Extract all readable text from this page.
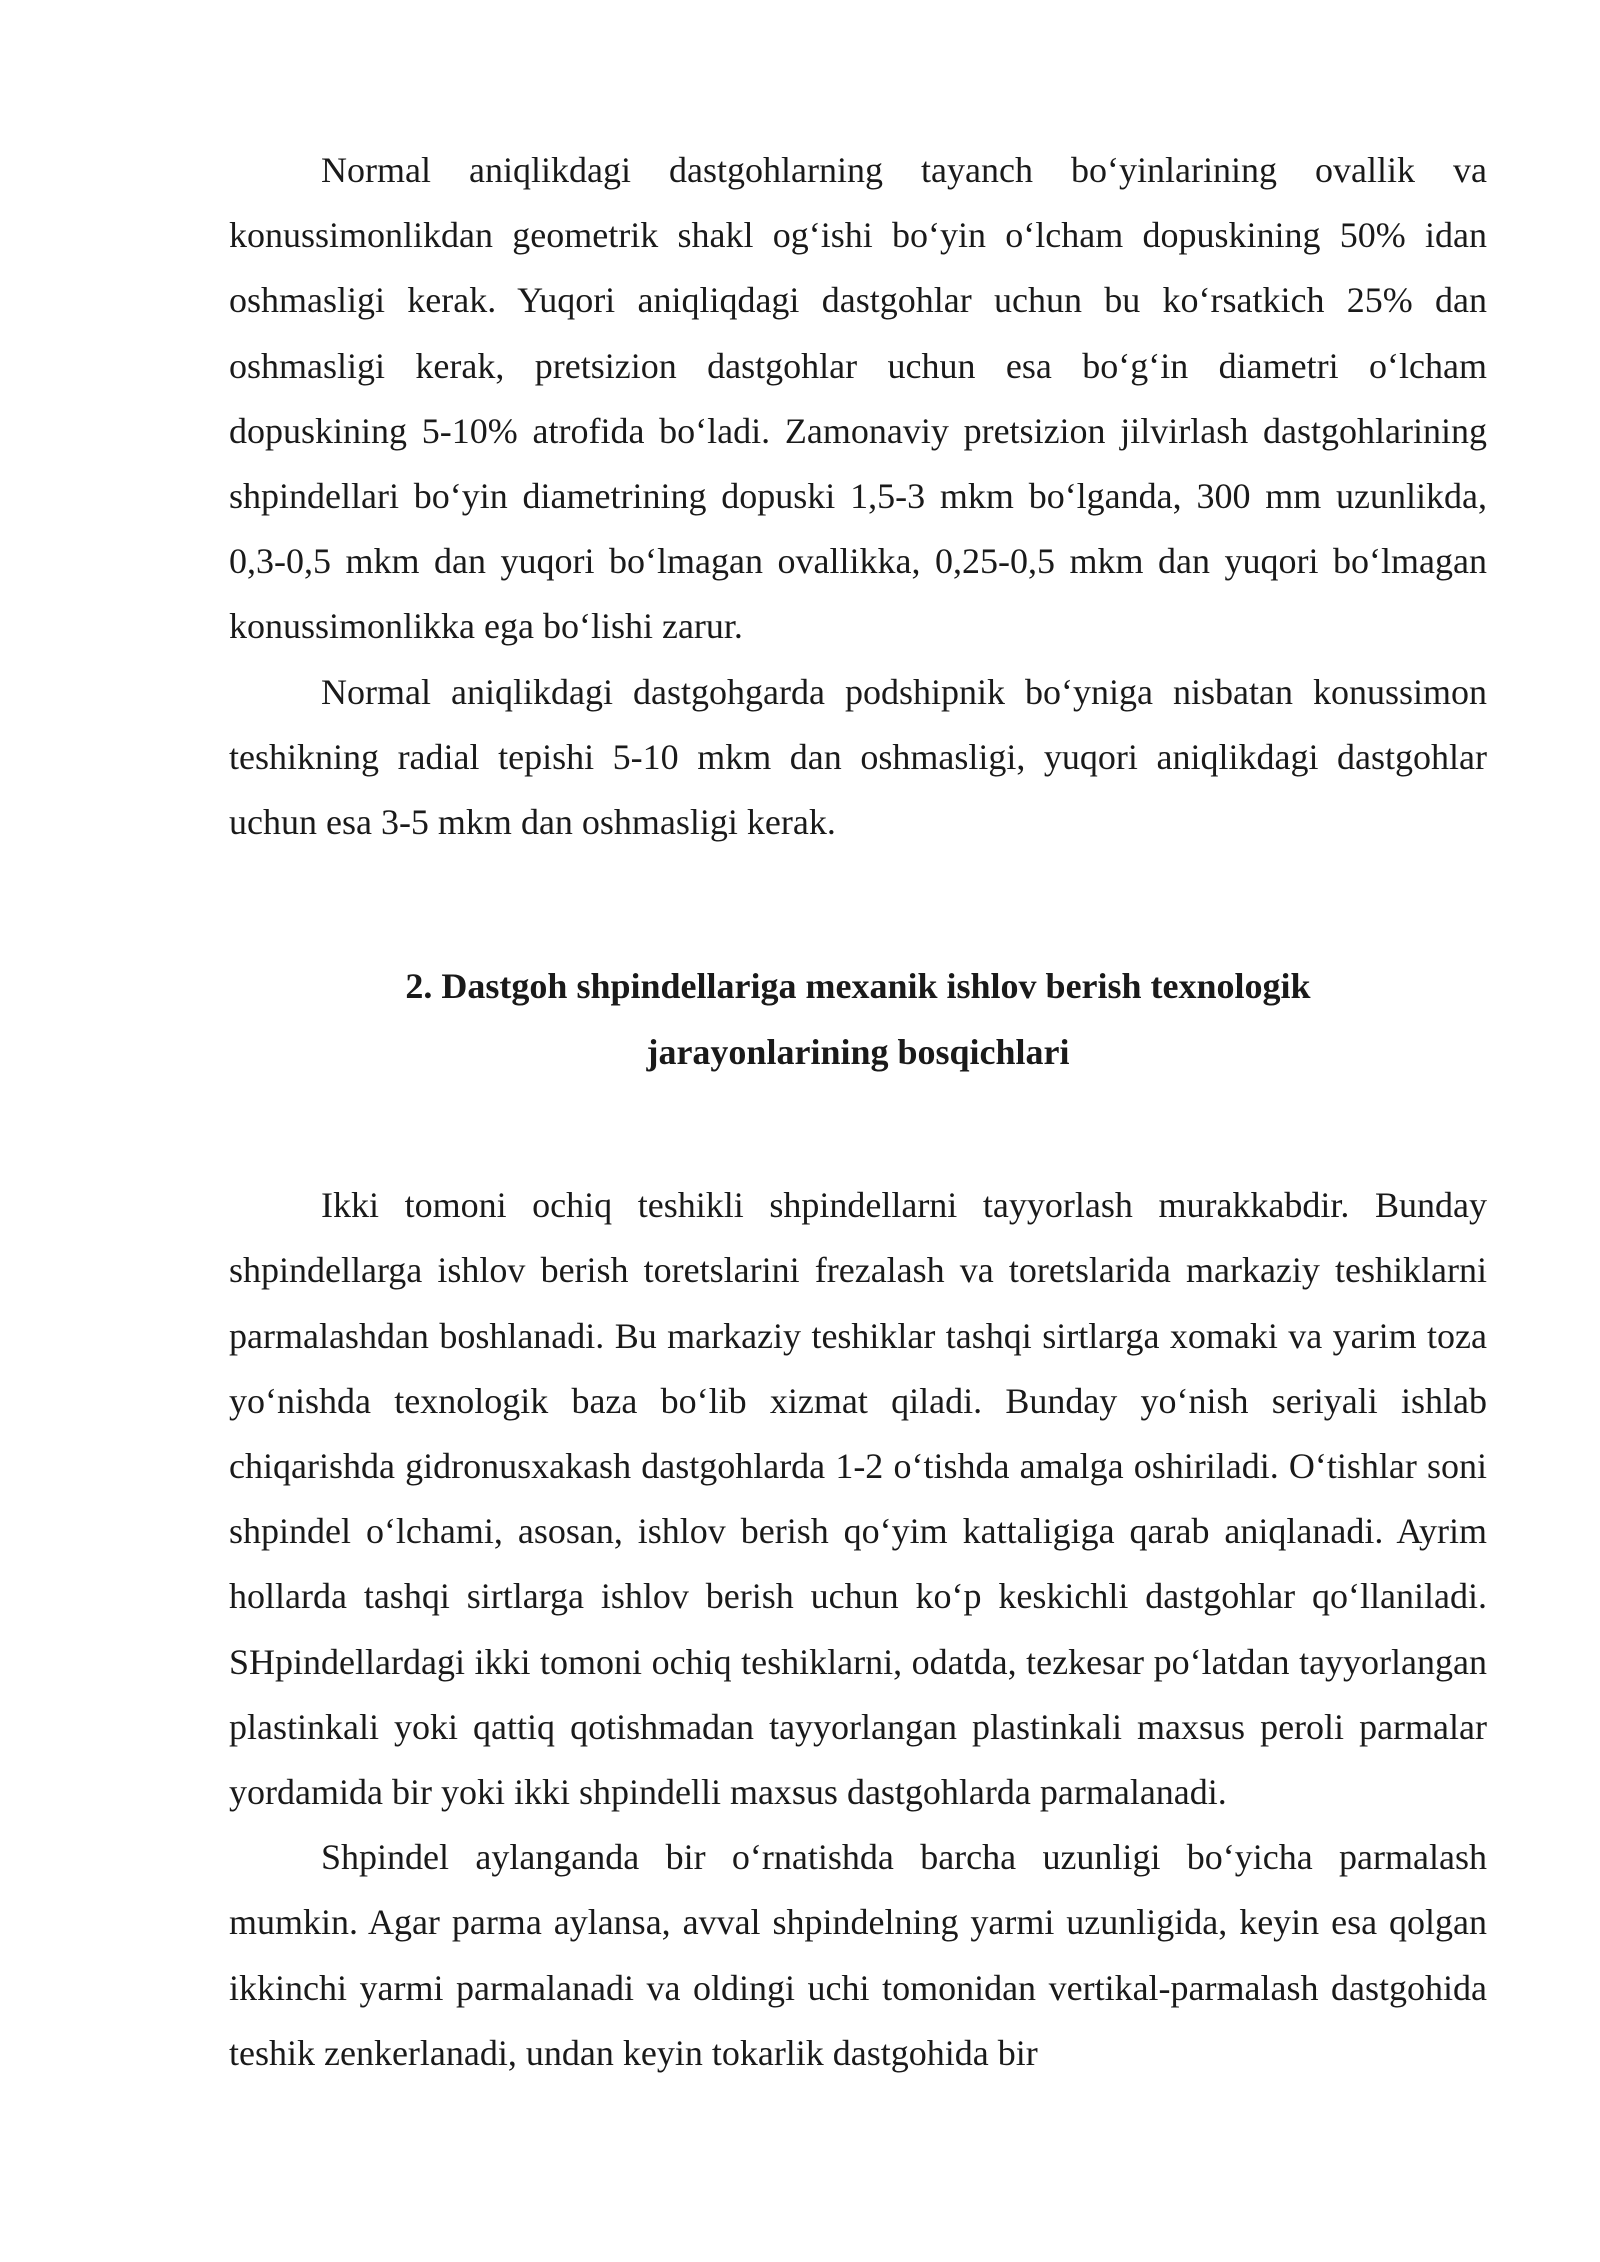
Normal aniqlikdagi dastgohlarning tayanch bo‘yinlarining ovallik va konussimonlikdan geometrik shakl og‘ishi bo‘yin o‘lcham dopuskining 50% idan oshmasligi kerak. Yuqori aniqliqdagi dastgohlar uchun bu ko‘rsatkich 25% dan oshmasligi kerak, pretsizion dastgohlar uchun esa bo‘g‘in diametri o‘lcham dopuskining 5-10% atrofida bo‘ladi. Zamonaviy pretsizion jilvirlash dastgohlarining shpindellari bo‘yin diametrining dopuski 1,5-3 mkm bo‘lganda, 300 mm uzunlikda, 0,3-0,5 mkm dan yuqori bo‘lmagan ovallikka, 0,25-0,5 mkm dan yuqori bo‘lmagan konussimonlikka ega bo‘lishi zarur.

Normal aniqlikdagi dastgohgarda podshipnik bo‘yniga nisbatan konussimon teshikning radial tepishi 5-10 mkm dan oshmasligi, yuqori aniqlikdagi dastgohlar uchun esa 3-5 mkm dan oshmasligi kerak.

2. Dastgoh shpindellariga mexanik ishlov berish texnologik
jarayonlarining bosqichlari

Ikki tomoni ochiq teshikli shpindellarni tayyorlash murakkabdir. Bunday shpindellarga ishlov berish toretslarini frezalash va toretslarida markaziy teshiklarni parmalashdan boshlanadi. Bu markaziy teshiklar tashqi sirtlarga xomaki va yarim toza yo‘nishda texnologik baza bo‘lib xizmat qiladi. Bunday yo‘nish seriyali ishlab chiqarishda gidronusxakash dastgohlarda 1-2 o‘tishda amalga oshiriladi. O‘tishlar soni shpindel o‘lchami, asosan, ishlov berish qo‘yim kattaligiga qarab aniqlanadi. Ayrim hollarda tashqi sirtlarga ishlov berish uchun ko‘p keskichli dastgohlar qo‘llaniladi. SHpindellardagi ikki tomoni ochiq teshiklarni, odatda, tezkesar po‘latdan tayyorlangan plastinkali yoki qattiq qotishmadan tayyorlangan plastinkali maxsus peroli parmalar yordamida bir yoki ikki shpindelli maxsus dastgohlarda parmalanadi.

Shpindel aylanganda bir o‘rnatishda barcha uzunligi bo‘yicha parmalash mumkin. Agar parma aylansa, avval shpindelning yarmi uzunligida, keyin esa qolgan ikkinchi yarmi parmalanadi va oldingi uchi tomonidan vertikal-parmalash dastgohida teshik zenkerlanadi, undan keyin tokarlik dastgohida bir
